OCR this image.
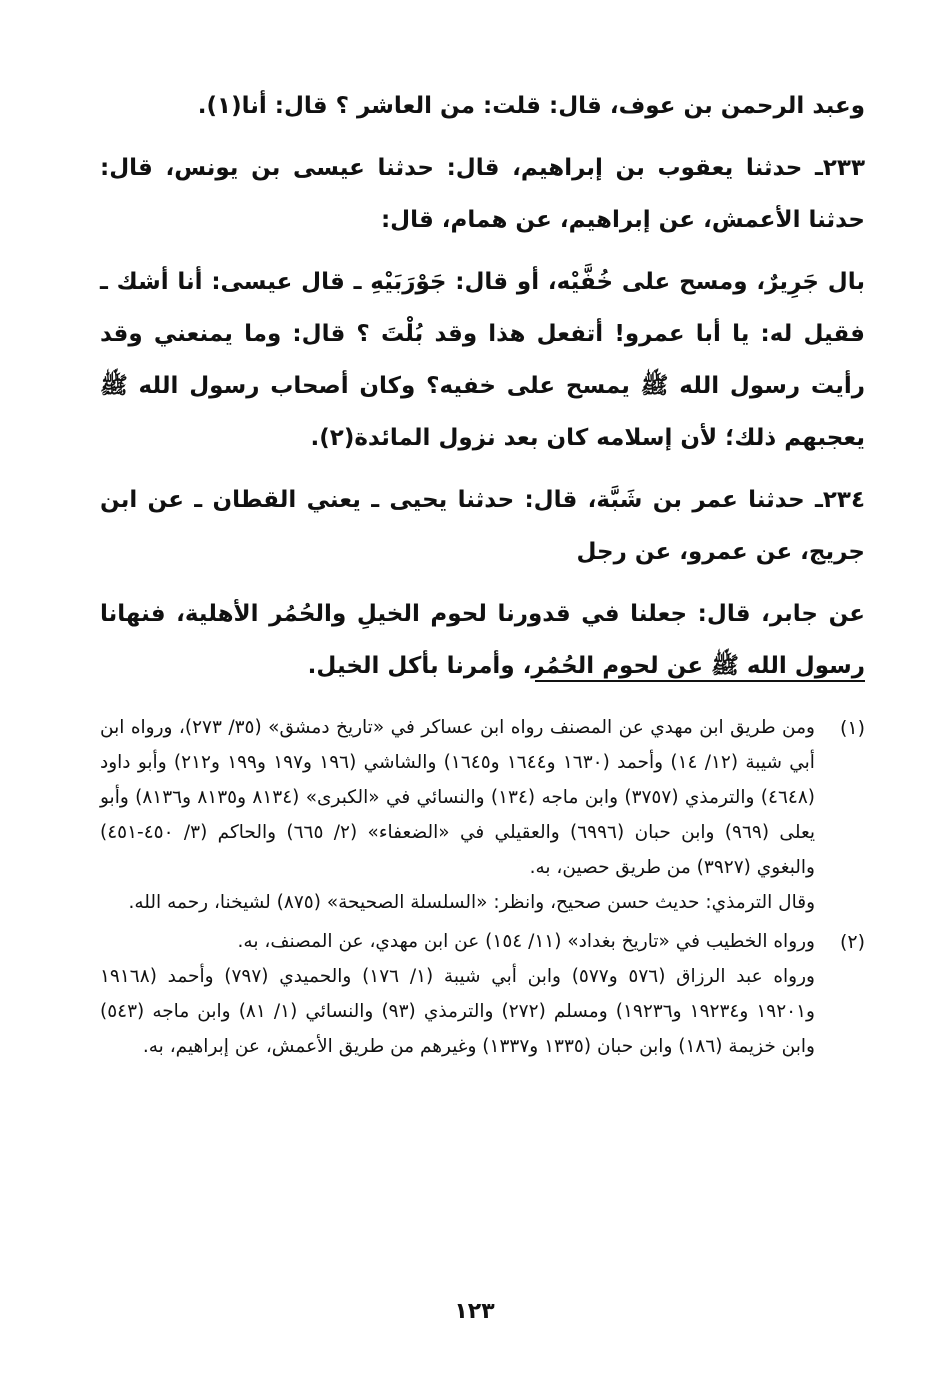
وعبد الرحمن بن عوف، قال: قلت: من العاشر ؟ قال: أنا(١).

٢٣٣ـ حدثنا يعقوب بن إبراهيم، قال: حدثنا عيسى بن يونس، قال: حدثنا الأعمش، عن إبراهيم، عن همام، قال:

بال جَرِيرٌ، ومسح على خُفَّيْه، أو قال: جَوْرَبَيْهِ ـ قال عيسى: أنا أشك ـ فقيل له: يا أبا عمرو! أتفعل هذا وقد بُلْتَ ؟ قال: وما يمنعني وقد رأيت رسول الله ﷺ يمسح على خفيه؟ وكان أصحاب رسول الله ﷺ يعجبهم ذلك؛ لأن إسلامه كان بعد نزول المائدة(٢).

٢٣٤ـ حدثنا عمر بن شَبَّة، قال: حدثنا يحيى ـ يعني القطان ـ عن ابن جريج، عن عمرو، عن رجل

عن جابر، قال: جعلنا في قدورنا لحوم الخيلِ والحُمُر الأهلية، فنهانا رسول الله ﷺ عن لحوم الحُمُر، وأمرنا بأكل الخيل.

(١)

ومن طريق ابن مهدي عن المصنف رواه ابن عساكر في «تاريخ دمشق» (٣٥/ ٢٧٣)، ورواه ابن أبي شيبة (١٢/ ١٤) وأحمد (١٦٣٠ و١٦٤٤ و١٦٤٥) والشاشي (١٩٦ و١٩٧ و١٩٩ و٢١٢) وأبو داود (٤٦٤٨) والترمذي (٣٧٥٧) وابن ماجه (١٣٤) والنسائي في «الكبرى» (٨١٣٤ و٨١٣٥ و٨١٣٦) وأبو يعلى (٩٦٩) وابن حبان (٦٩٩٦) والعقيلي في «الضعفاء» (٢/ ٦٦٥) والحاكم (٣/ ٤٥٠-٤٥١) والبغوي (٣٩٢٧) من طريق حصين، به.

وقال الترمذي: حديث حسن صحيح، وانظر: «السلسلة الصحيحة» (٨٧٥) لشيخنا، رحمه الله.

(٢)

ورواه الخطيب في «تاريخ بغداد» (١١/ ١٥٤) عن ابن مهدي، عن المصنف، به.

ورواه عبد الرزاق (٥٧٦ و٥٧٧) وابن أبي شيبة (١/ ١٧٦) والحميدي (٧٩٧) وأحمد (١٩١٦٨ و١٩٢٠١ و١٩٢٣٤ و١٩٢٣٦) ومسلم (٢٧٢) والترمذي (٩٣) والنسائي (١/ ٨١) وابن ماجه (٥٤٣) وابن خزيمة (١٨٦) وابن حبان (١٣٣٥ و١٣٣٧) وغيرهم من طريق الأعمش، عن إبراهيم، به.

١٢٣
